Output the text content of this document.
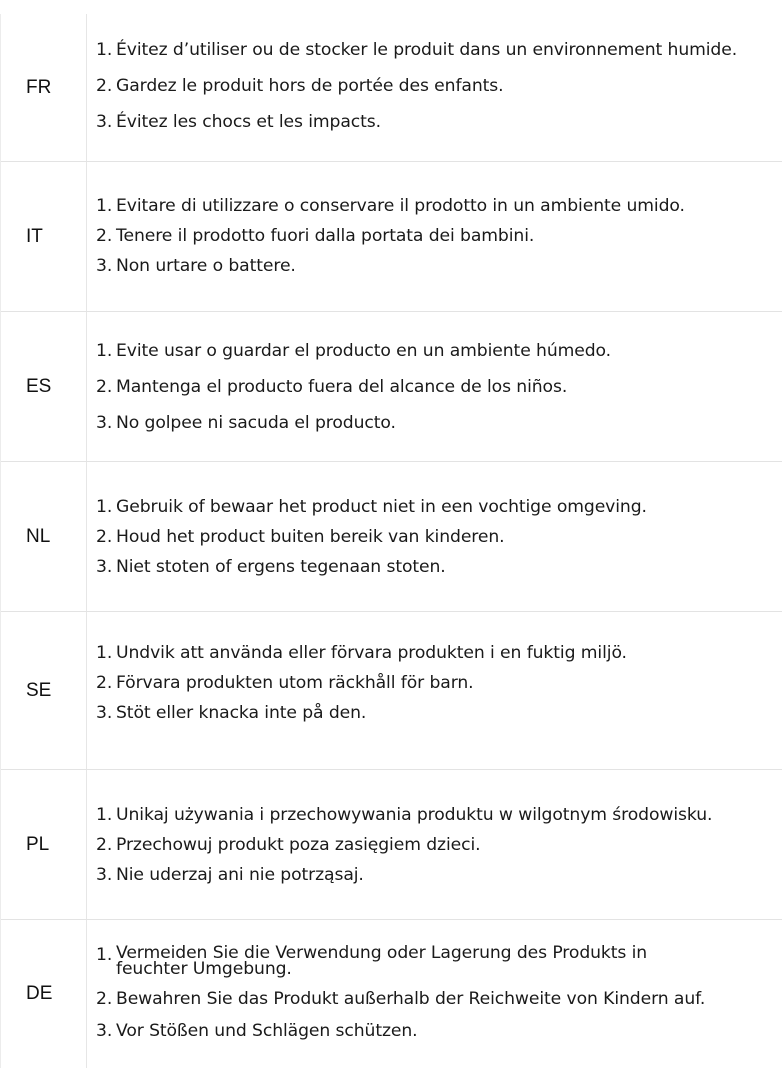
FR
1. Évitez d’utiliser ou de stocker le produit dans un environnement humide.
2. Gardez le produit hors de portée des enfants.
3. Évitez les chocs et les impacts.
IT
1. Evitare di utilizzare o conservare il prodotto in un ambiente umido.
2. Tenere il prodotto fuori dalla portata dei bambini.
3. Non urtare o battere.
ES
1. Evite usar o guardar el producto en un ambiente húmedo.
2. Mantenga el producto fuera del alcance de los niños.
3. No golpee ni sacuda el producto.
NL
1. Gebruik of bewaar het product niet in een vochtige omgeving.
2. Houd het product buiten bereik van kinderen.
3. Niet stoten of ergens tegenaan stoten.
SE
1. Undvik att använda eller förvara produkten i en fuktig miljö.
2. Förvara produkten utom räckhåll för barn.
3. Stöt eller knacka inte på den.
PL
1. Unikaj używania i przechowywania produktu w wilgotnym środowisku.
2. Przechowuj produkt poza zasięgiem dzieci.
3. Nie uderzaj ani nie potrząsaj.
DE
1. Vermeiden Sie die Verwendung oder Lagerung des Produkts in
feuchter Umgebung.
2. Bewahren Sie das Produkt außerhalb der Reichweite von Kindern auf.
3. Vor Stößen und Schlägen schützen.
